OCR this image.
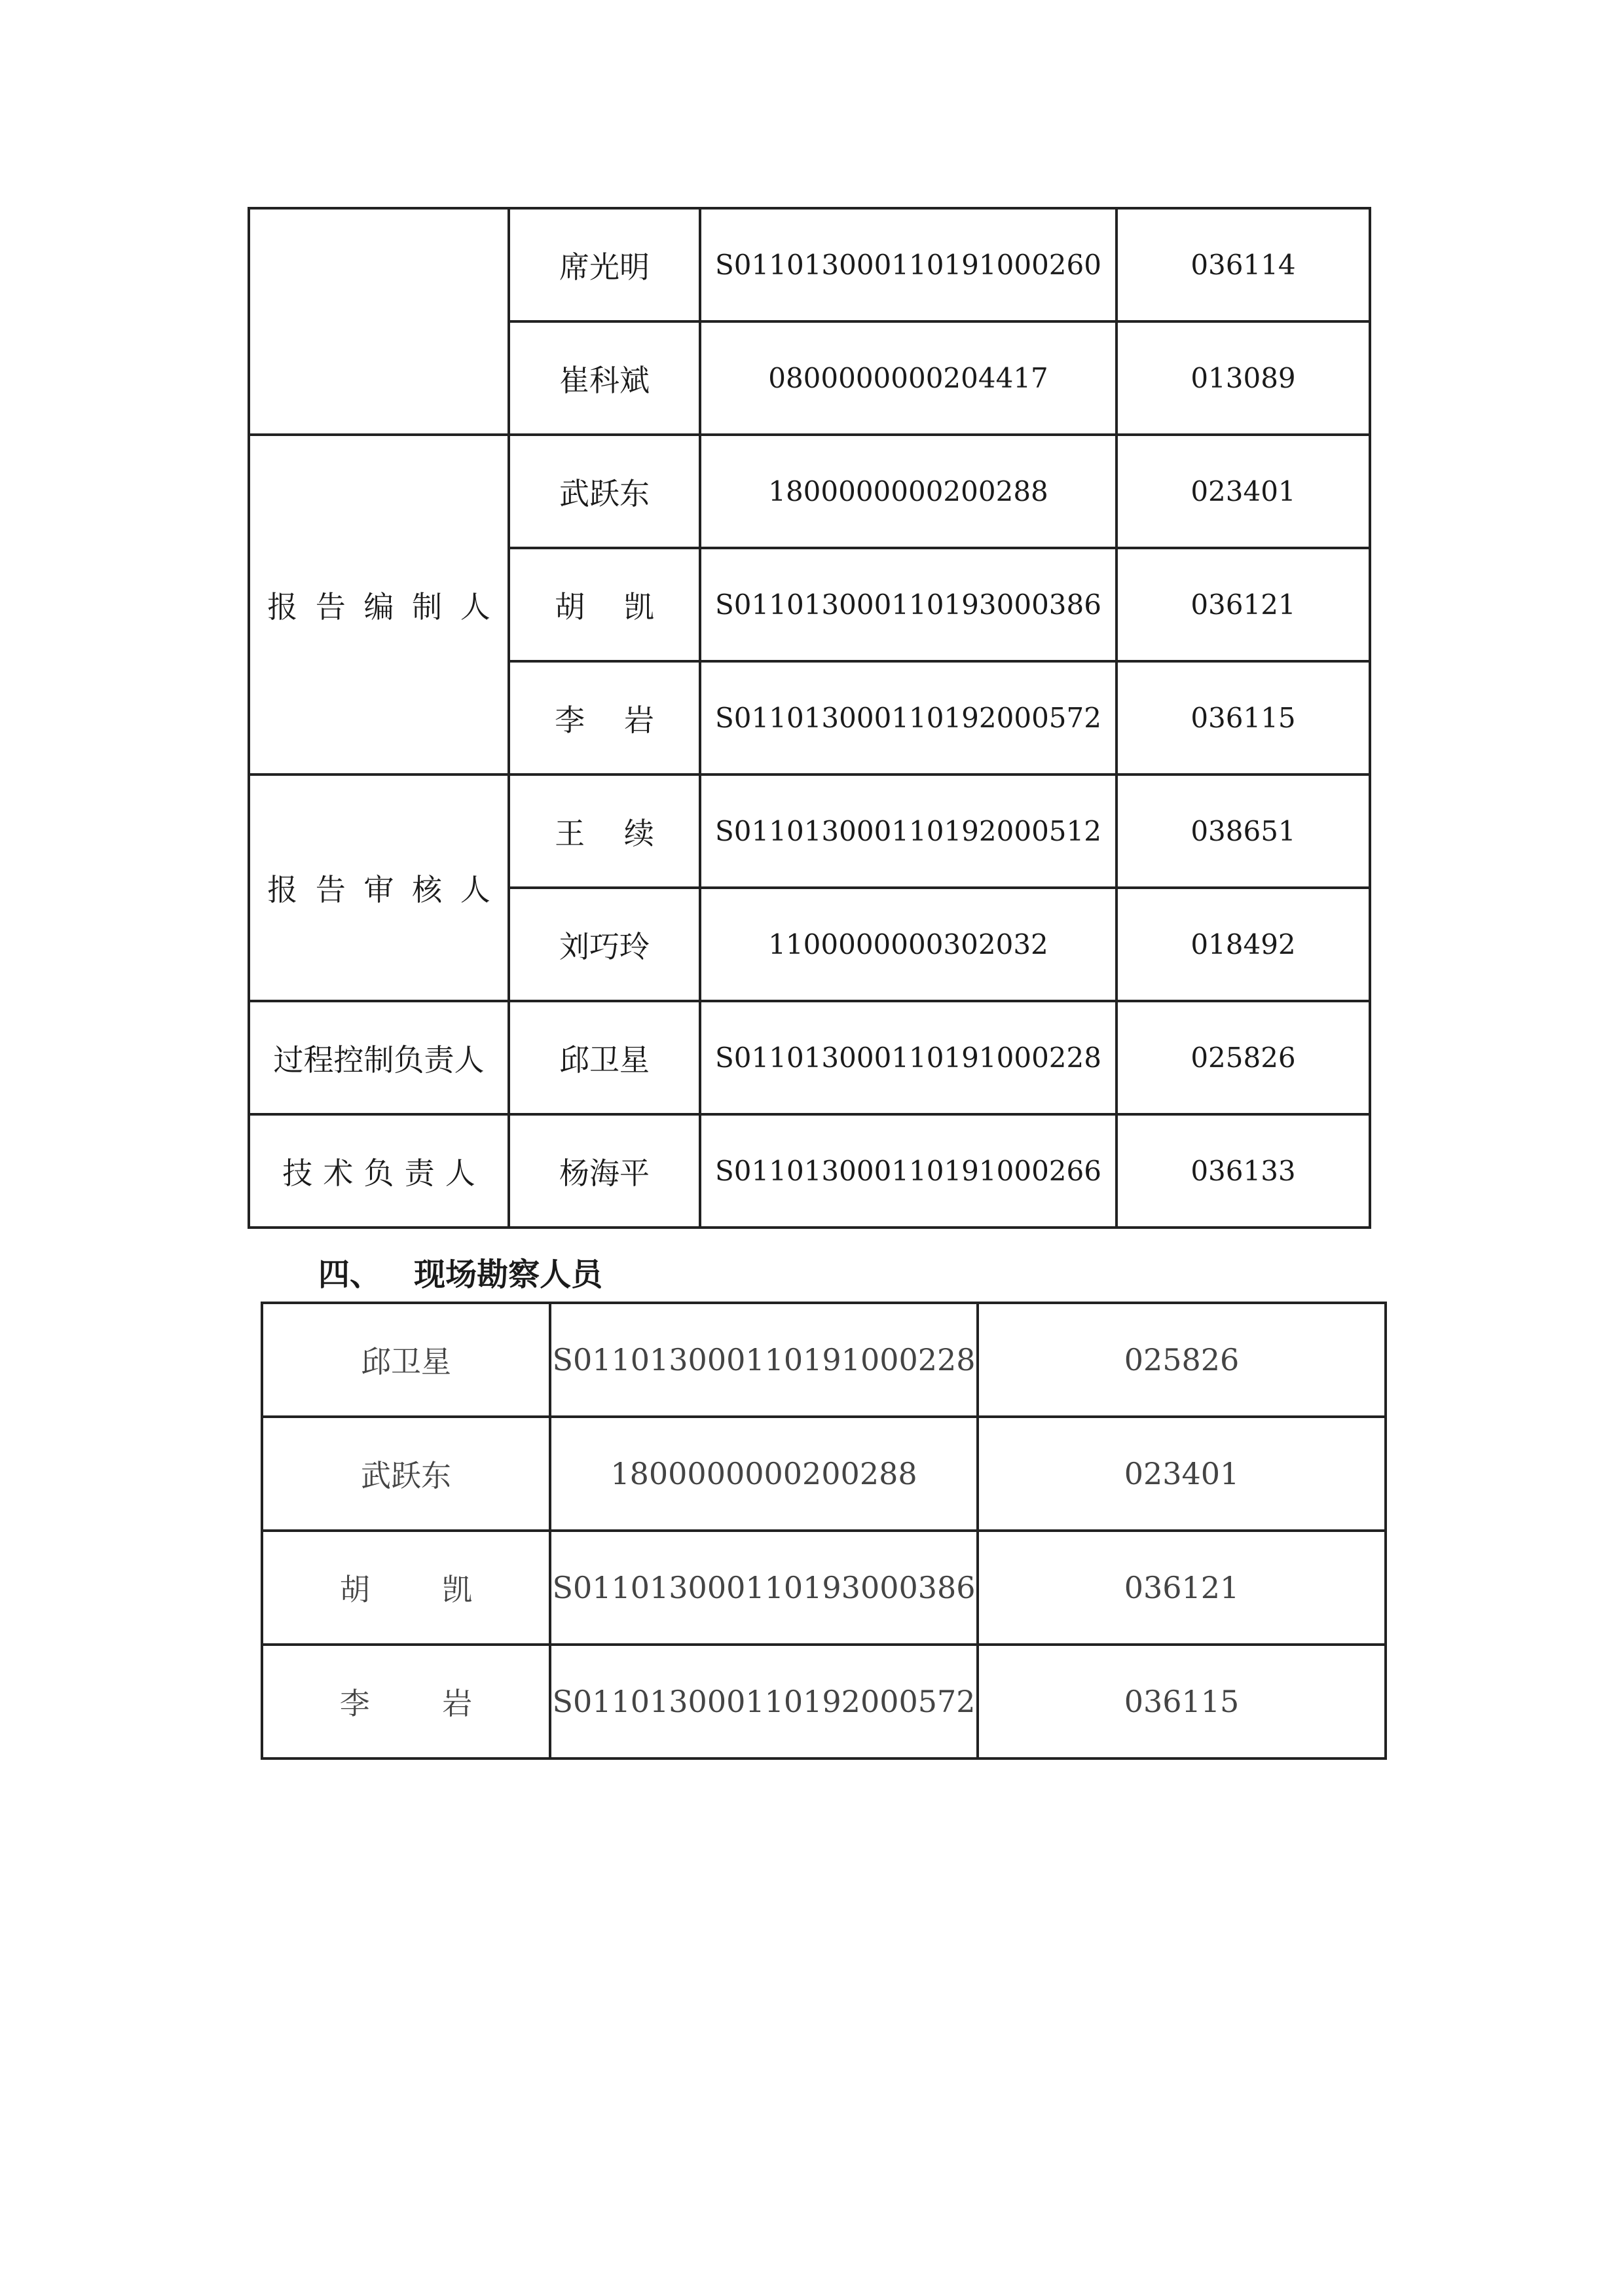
	席光明	S01101300011019100026​0	036114
	崔科斌	0800000000204417	013089
报告编制人	武跃东	1800000000200288	023401
	胡凯	S011013000110193000386	036121
	李岩	S011013000110192000572	036115
报告审核人	王续	S011013000110192000512	038651
	刘巧玲	1100000000302032	018492
过程控制负责人	邱卫星	S011013000110191000228	025826
技术负责人	杨海平	S011013000110191000266	036133
四、 现场勘察人员
邱卫星	S011013000110191000228	025826
武跃东	1800000000200288	023401
胡凯	S011013000110193000386	036121
李岩	S011013000110192000572	036115
